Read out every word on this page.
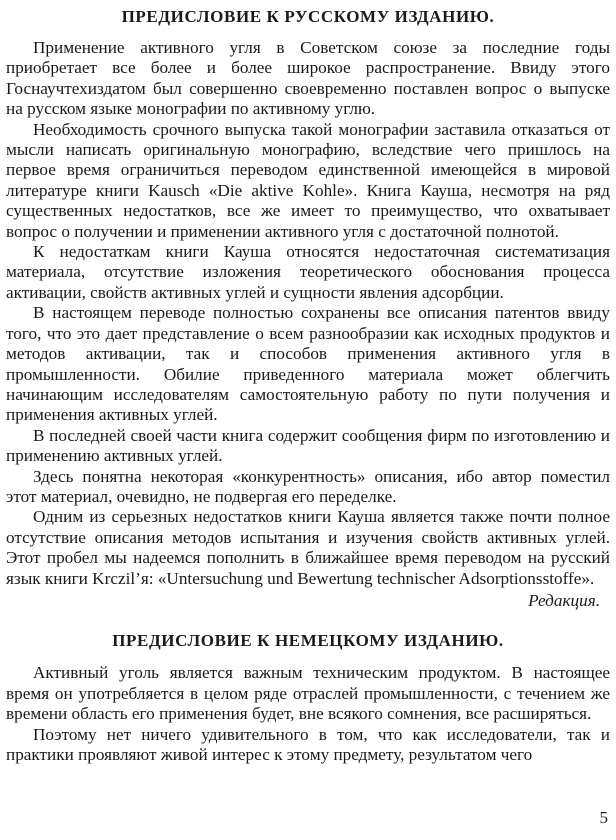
ПРЕДИСЛОВИЕ К РУССКОМУ ИЗДАНИЮ.

Применение активного угля в Советском союзе за последние годы приобретает все более и более широкое распространение. Ввиду этого Госнаучтехиздатом был совершенно своевременно поставлен вопрос о выпуске на русском языке монографии по активному углю.

Необходимость срочного выпуска такой монографии заставила отказаться от мысли написать оригинальную монографию, вследствие чего пришлось на первое время ограничиться переводом единственной имеющейся в мировой литературе книги Kausch «Die aktive Kohle». Книга Кауша, несмотря на ряд существенных недостатков, все же имеет то преимущество, что охватывает вопрос о получении и применении активного угля с достаточной полнотой.

К недостаткам книги Кауша относятся недостаточная систематизация материала, отсутствие изложения теоретического обоснования процесса активации, свойств активных углей и сущности явления адсорбции.

В настоящем переводе полностью сохранены все описания патентов ввиду того, что это дает представление о всем разнообразии как исходных продуктов и методов активации, так и способов применения активного угля в промышленности. Обилие приведенного материала может облегчить начинающим исследователям самостоятельную работу по пути получения и применения активных углей.

В последней своей части книга содержит сообщения фирм по изготовлению и применению активных углей.

Здесь понятна некоторая «конкурентность» описания, ибо автор поместил этот материал, очевидно, не подвергая его переделке.

Одним из серьезных недостатков книги Кауша является также почти полное отсутствие описания методов испытания и изучения свойств активных углей. Этот пробел мы надеемся пополнить в ближайшее время переводом на русский язык книги Krczil’я: «Untersuchung und Bewertung technischer Adsorptionsstoffe».

Редакция.

ПРЕДИСЛОВИЕ К НЕМЕЦКОМУ ИЗДАНИЮ.

Активный уголь является важным техническим продуктом. В настоящее время он употребляется в целом ряде отраслей промышленности, с течением же времени область его применения будет, вне всякого сомнения, все расширяться.

Поэтому нет ничего удивительного в том, что как исследователи, так и практики проявляют живой интерес к этому предмету, результатом чего

5
